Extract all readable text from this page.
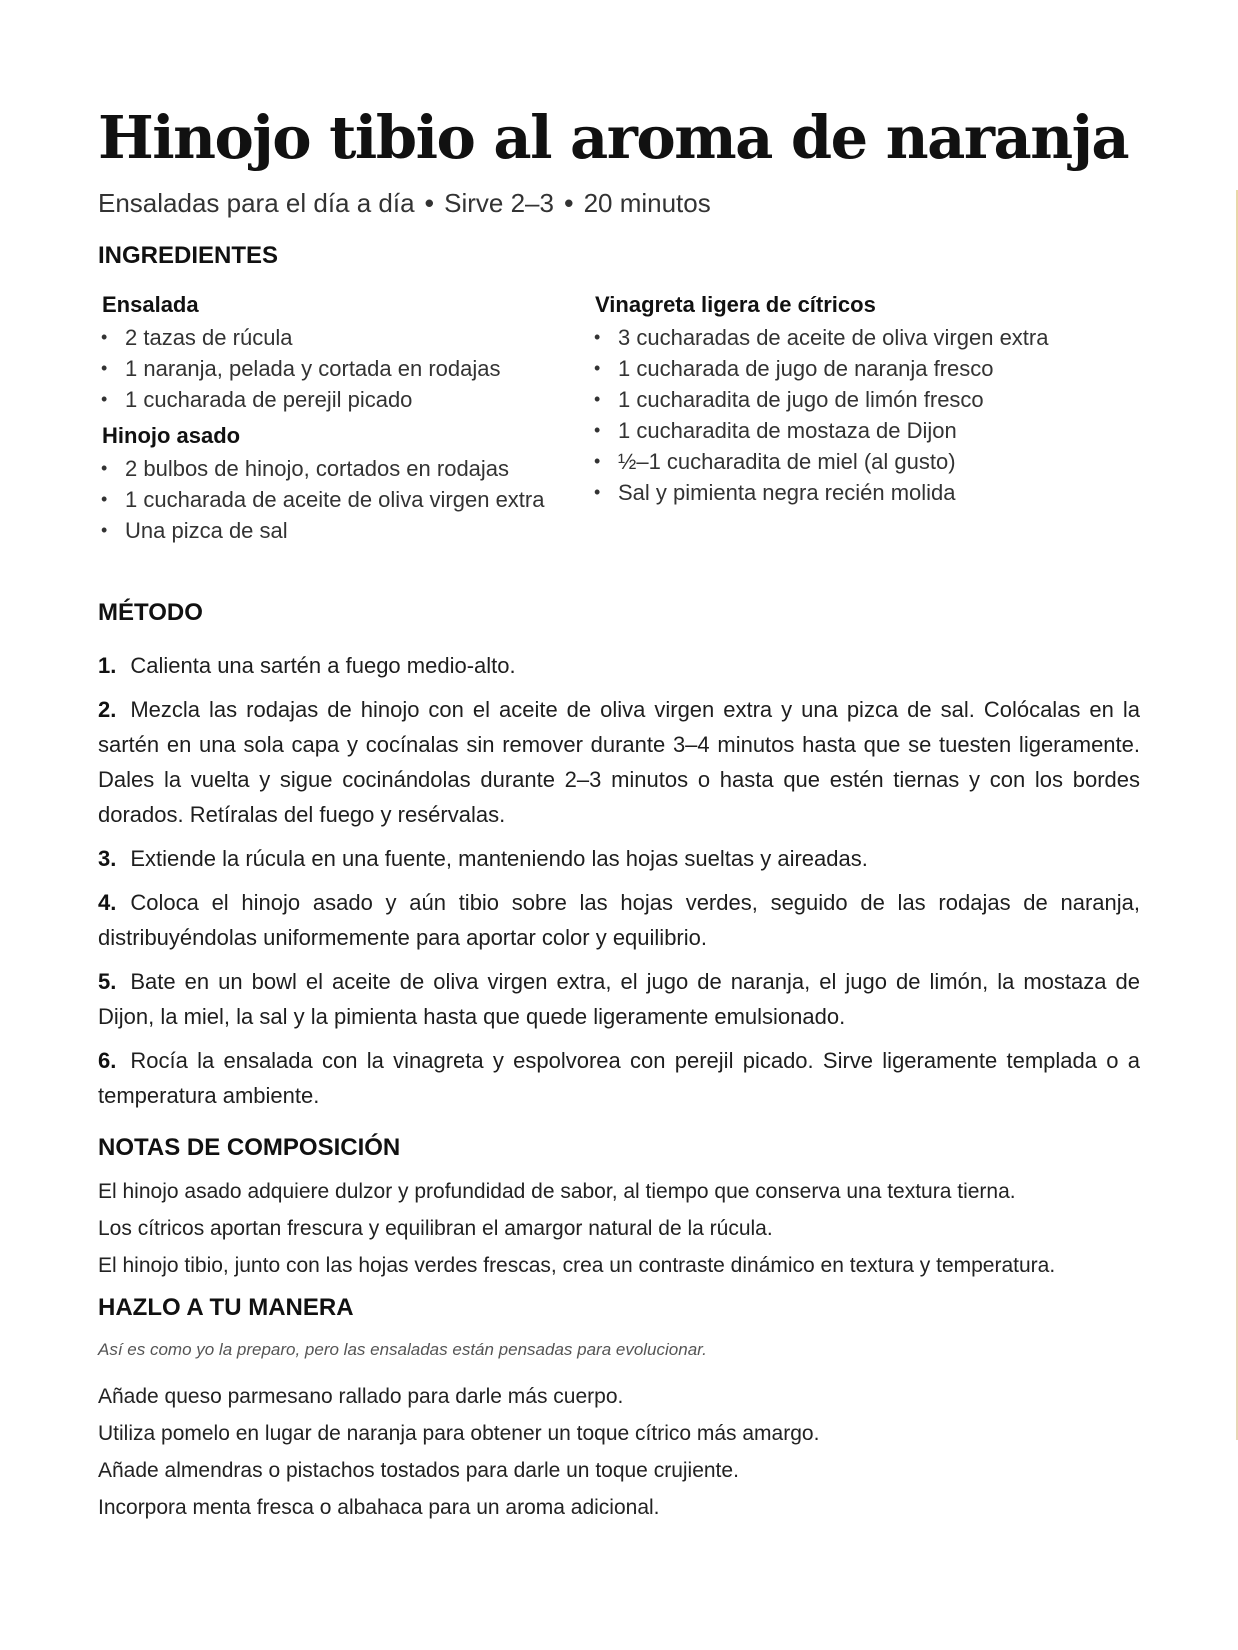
Hinojo tibio al aroma de naranja
Ensaladas para el día a día • Sirve 2–3 • 20 minutos
INGREDIENTES
Ensalada
• 2 tazas de rúcula
• 1 naranja, pelada y cortada en rodajas
• 1 cucharada de perejil picado
Hinojo asado
• 2 bulbos de hinojo, cortados en rodajas
• 1 cucharada de aceite de oliva virgen extra
• Una pizca de sal
Vinagreta ligera de cítricos
• 3 cucharadas de aceite de oliva virgen extra
• 1 cucharada de jugo de naranja fresco
• 1 cucharadita de jugo de limón fresco
• 1 cucharadita de mostaza de Dijon
• ½–1 cucharadita de miel (al gusto)
• Sal y pimienta negra recién molida
MÉTODO
1. Calienta una sartén a fuego medio-alto.
2. Mezcla las rodajas de hinojo con el aceite de oliva virgen extra y una pizca de sal. Colócalas en la sartén en una sola capa y cocínalas sin remover durante 3–4 minutos hasta que se tuesten ligeramente. Dales la vuelta y sigue cocinándolas durante 2–3 minutos o hasta que estén tiernas y con los bordes dorados. Retíralas del fuego y resérvalas.
3. Extiende la rúcula en una fuente, manteniendo las hojas sueltas y aireadas.
4. Coloca el hinojo asado y aún tibio sobre las hojas verdes, seguido de las rodajas de naranja, distribuyéndolas uniformemente para aportar color y equilibrio.
5. Bate en un bowl el aceite de oliva virgen extra, el jugo de naranja, el jugo de limón, la mostaza de Dijon, la miel, la sal y la pimienta hasta que quede ligeramente emulsionado.
6. Rocía la ensalada con la vinagreta y espolvorea con perejil picado. Sirve ligeramente templada o a temperatura ambiente.
NOTAS DE COMPOSICIÓN
El hinojo asado adquiere dulzor y profundidad de sabor, al tiempo que conserva una textura tierna.
Los cítricos aportan frescura y equilibran el amargor natural de la rúcula.
El hinojo tibio, junto con las hojas verdes frescas, crea un contraste dinámico en textura y temperatura.
HAZLO A TU MANERA
Así es como yo la preparo, pero las ensaladas están pensadas para evolucionar.
Añade queso parmesano rallado para darle más cuerpo.
Utiliza pomelo en lugar de naranja para obtener un toque cítrico más amargo.
Añade almendras o pistachos tostados para darle un toque crujiente.
Incorpora menta fresca o albahaca para un aroma adicional.
